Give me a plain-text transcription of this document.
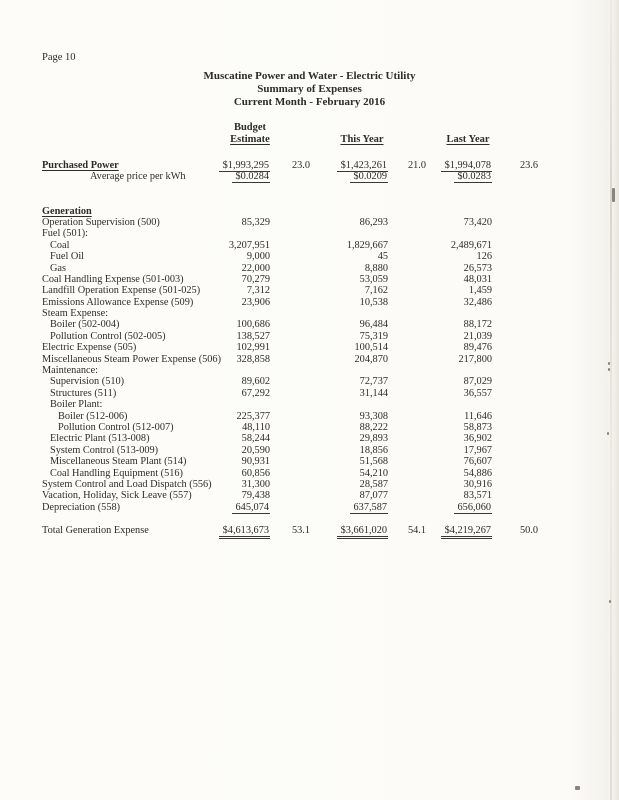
Page 10
Muscatine Power and Water - Electric Utility
Summary of Expenses
Current Month - February 2016
Budget
Estimate	This Year	Last Year
Purchased Power	$1,993,295	23.0	$1,423,261	21.0	$1,994,078	23.6
Average price per kWh	$0.0284	$0.0209	$0.0283
Generation
Operation Supervision (500)	85,329	86,293	73,420
Fuel (501):
Coal	3,207,951	1,829,667	2,489,671
Fuel Oil	9,000	45	126
Gas	22,000	8,880	26,573
Coal Handling Expense (501-003)	70,279	53,059	48,031
Landfill Operation Expense (501-025)	7,312	7,162	1,459
Emissions Allowance Expense (509)	23,906	10,538	32,486
Steam Expense:
Boiler (502-004)	100,686	96,484	88,172
Pollution Control (502-005)	138,527	75,319	21,039
Electric Expense (505)	102,991	100,514	89,476
Miscellaneous Steam Power Expense (506)	328,858	204,870	217,800
Maintenance:
Supervision (510)	89,602	72,737	87,029
Structures (511)	67,292	31,144	36,557
Boiler Plant:
Boiler (512-006)	225,377	93,308	11,646
Pollution Control (512-007)	48,110	88,222	58,873
Electric Plant (513-008)	58,244	29,893	36,902
System Control (513-009)	20,590	18,856	17,967
Miscellaneous Steam Plant (514)	90,931	51,568	76,607
Coal Handling Equipment (516)	60,856	54,210	54,886
System Control and Load Dispatch (556)	31,300	28,587	30,916
Vacation, Holiday, Sick Leave (557)	79,438	87,077	83,571
Depreciation (558)	645,074	637,587	656,060
Total Generation Expense	$4,613,673	53.1	$3,661,020	54.1	$4,219,267	50.0
